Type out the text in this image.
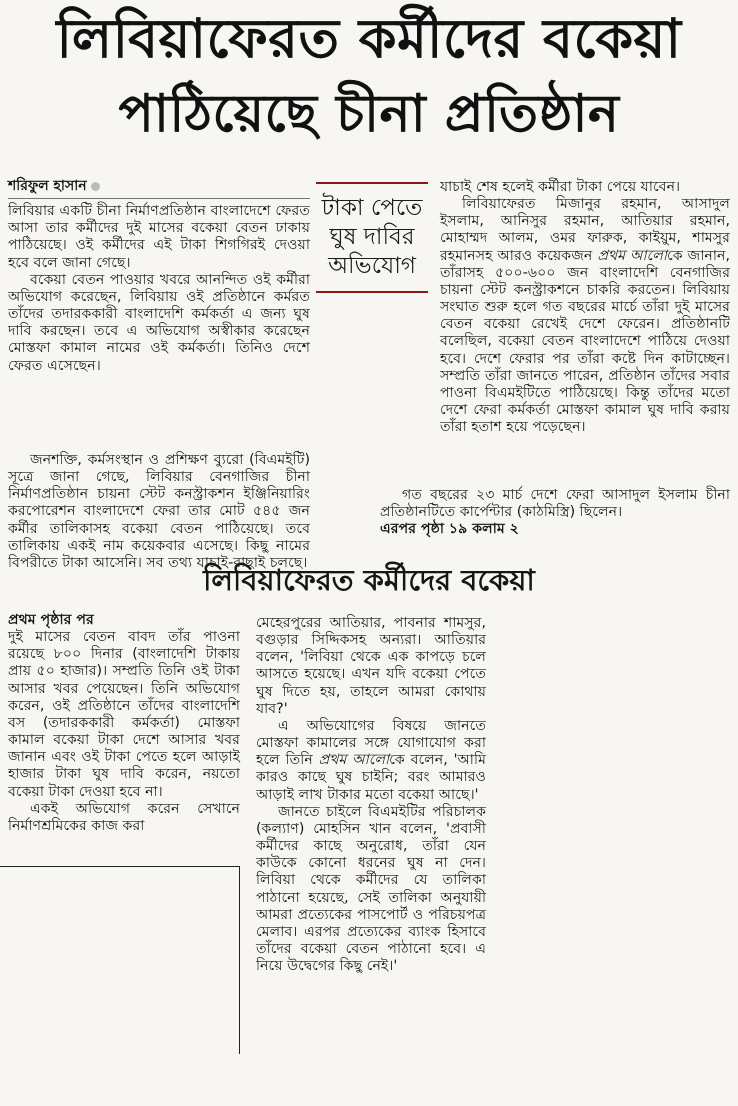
লিবিয়াফেরত কর্মীদের বকেয়া
পাঠিয়েছে চীনা প্রতিষ্ঠান
শরিফুল হাসান

লিবিয়ার একটি চীনা নির্মাণপ্রতিষ্ঠান বাংলাদেশে ফেরত আসা তার কর্মীদের দুই মাসের বকেয়া বেতন ঢাকায় পাঠিয়েছে। ওই কর্মীদের এই টাকা শিগগিরই দেওয়া হবে বলে জানা গেছে।

বকেয়া বেতন পাওয়ার খবরে আনন্দিত ওই কর্মীরা অভিযোগ করেছেন, লিবিয়ায় ওই প্রতিষ্ঠানে কর্মরত তাঁদের তদারককারী বাংলাদেশি কর্মকর্তা এ জন্য ঘুষ দাবি করছেন। তবে এ অভিযোগ অস্বীকার করেছেন মোস্তফা কামাল নামের ওই কর্মকর্তা। তিনিও দেশে ফেরত এসেছেন।

টাকা পেতে
ঘুষ দাবির
অভিযোগ

যাচাই শেষ হলেই কর্মীরা টাকা পেয়ে যাবেন।

লিবিয়াফেরত মিজানুর রহমান, আসাদুল ইসলাম, আনিসুর রহমান, আতিয়ার রহমান, মোহাম্মদ আলম, ওমর ফারুক, কাইয়ুম, শামসুর রহমানসহ আরও কয়েকজন প্রথম আলোকে জানান, তাঁরাসহ ৫০০-৬০০ জন বাংলাদেশি বেনগাজির চায়না স্টেট কনস্ট্রাকশনে চাকরি করতেন। লিবিয়ায় সংঘাত শুরু হলে গত বছরের মার্চে তাঁরা দুই মাসের বেতন বকেয়া রেখেই দেশে ফেরেন। প্রতিষ্ঠানটি বলেছিল, বকেয়া বেতন বাংলাদেশে পাঠিয়ে দেওয়া হবে। দেশে ফেরার পর তাঁরা কষ্টে দিন কাটাচ্ছেন। সম্প্রতি তাঁরা জানতে পারেন, প্রতিষ্ঠান তাঁদের সবার পাওনা বিএমইটিতে পাঠিয়েছে। কিন্তু তাঁদের মতো দেশে ফেরা কর্মকর্তা মোস্তফা কামাল ঘুষ দাবি করায় তাঁরা হতাশ হয়ে পড়েছেন।

জনশক্তি, কর্মসংস্থান ও প্রশিক্ষণ ব্যুরো (বিএমইটি) সূত্রে জানা গেছে, লিবিয়ার বেনগাজির চীনা নির্মাণপ্রতিষ্ঠান চায়না স্টেট কনস্ট্রাকশন ইঞ্জিনিয়ারিং করপোরেশন বাংলাদেশে ফেরা তার মোট ৫৪৫ জন কর্মীর তালিকাসহ বকেয়া বেতন পাঠিয়েছে। তবে তালিকায় একই নাম কয়েকবার এসেছে। কিছু নামের বিপরীতে টাকা আসেনি। সব তথ্য যাচাই-বাছাই চলছে।

গত বছরের ২৩ মার্চ দেশে ফেরা আসাদুল ইসলাম চীনা প্রতিষ্ঠানটিতে কার্পেন্টার (কাঠমিস্ত্রি) ছিলেন।

এরপর পৃষ্ঠা ১৯ কলাম ২

লিবিয়াফেরত কর্মীদের বকেয়া

প্রথম পৃষ্ঠার পর

দুই মাসের বেতন বাবদ তাঁর পাওনা রয়েছে ৮০০ দিনার (বাংলাদেশি টাকায় প্রায় ৫০ হাজার)। সম্প্রতি তিনি ওই টাকা আসার খবর পেয়েছেন। তিনি অভিযোগ করেন, ওই প্রতিষ্ঠানে তাঁদের বাংলাদেশি বস (তদারককারী কর্মকর্তা) মোস্তফা কামাল বকেয়া টাকা দেশে আসার খবর জানান এবং ওই টাকা পেতে হলে আড়াই হাজার টাকা ঘুষ দাবি করেন, নয়তো বকেয়া টাকা দেওয়া হবে না।

একই অভিযোগ করেন সেখানে নির্মাণশ্রমিকের কাজ করা

মেহেরপুরের আতিয়ার, পাবনার শামসুর, বগুড়ার সিদ্দিকসহ অন্যরা। আতিয়ার বলেন, 'লিবিয়া থেকে এক কাপড়ে চলে আসতে হয়েছে। এখন যদি বকেয়া পেতে ঘুষ দিতে হয়, তাহলে আমরা কোথায় যাব?'

এ অভিযোগের বিষয়ে জানতে মোস্তফা কামালের সঙ্গে যোগাযোগ করা হলে তিনি প্রথম আলোকে বলেন, 'আমি কারও কাছে ঘুষ চাইনি; বরং আমারও আড়াই লাখ টাকার মতো বকেয়া আছে।'

জানতে চাইলে বিএমইটির পরিচালক (কল্যাণ) মোহসিন খান বলেন, 'প্রবাসী কর্মীদের কাছে অনুরোধ, তাঁরা যেন কাউকে কোনো ধরনের ঘুষ না দেন। লিবিয়া থেকে কর্মীদের যে তালিকা পাঠানো হয়েছে, সেই তালিকা অনুযায়ী আমরা প্রত্যেকের পাসপোর্ট ও পরিচয়পত্র মেলাব। এরপর প্রত্যেকের ব্যাংক হিসাবে তাঁদের বকেয়া বেতন পাঠানো হবে। এ নিয়ে উদ্বেগের কিছু নেই।'
